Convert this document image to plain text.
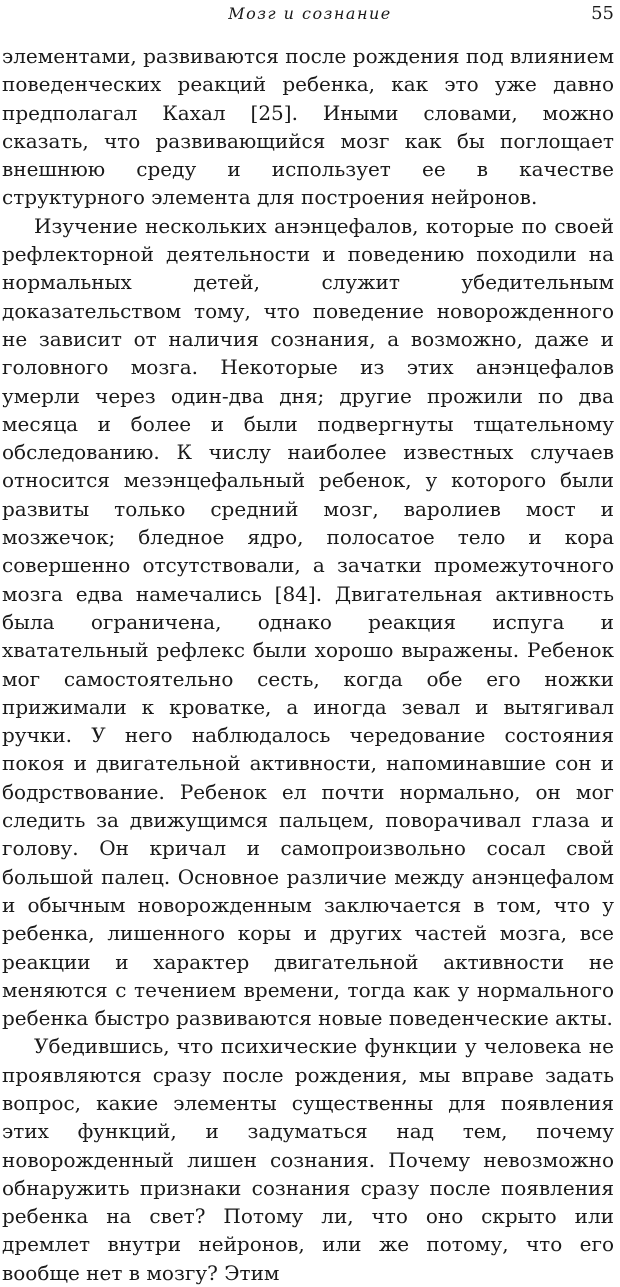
Мозг и сознание	55

элементами, развиваются после рождения под влиянием поведенческих реакций ребенка, как это уже давно предполагал Кахал [25]. Иными словами, можно сказать, что развивающийся мозг как бы поглощает внешнюю среду и использует ее в качестве структурного элемента для построения нейронов.

Изучение нескольких анэнцефалов, которые по своей рефлекторной деятельности и поведению походили на нормальных детей, служит убедительным доказательством тому, что поведение новорожденного не зависит от наличия сознания, а возможно, даже и головного мозга. Некоторые из этих анэнцефалов умерли через один-два дня; другие прожили по два месяца и более и были подвергнуты тщательному обследованию. К числу наиболее известных случаев относится мезэнцефальный ребенок, у которого были развиты только средний мозг, варолиев мост и мозжечок; бледное ядро, полосатое тело и кора совершенно отсутствовали, а зачатки промежуточного мозга едва намечались [84]. Двигательная активность была ограничена, однако реакция испуга и хватательный рефлекс были хорошо выражены. Ребенок мог самостоятельно сесть, когда обе его ножки прижимали к кроватке, а иногда зевал и вытягивал ручки. У него наблюдалось чередование состояния покоя и двигательной активности, напоминавшие сон и бодрствование. Ребенок ел почти нормально, он мог следить за движущимся пальцем, поворачивал глаза и голову. Он кричал и самопроизвольно сосал свой большой палец. Основное различие между анэнцефалом и обычным новорожденным заключается в том, что у ребенка, лишенного коры и других частей мозга, все реакции и характер двигательной активности не меняются с течением времени, тогда как у нормального ребенка быстро развиваются новые поведенческие акты.

Убедившись, что психические функции у человека не проявляются сразу после рождения, мы вправе задать вопрос, какие элементы существенны для появления этих функций, и задуматься над тем, почему новорожденный лишен сознания. Почему невозможно обнаружить признаки сознания сразу после появления ребенка на свет? Потому ли, что оно скрыто или дремлет внутри нейронов, или же потому, что его вообще нет в мозгу? Этим
